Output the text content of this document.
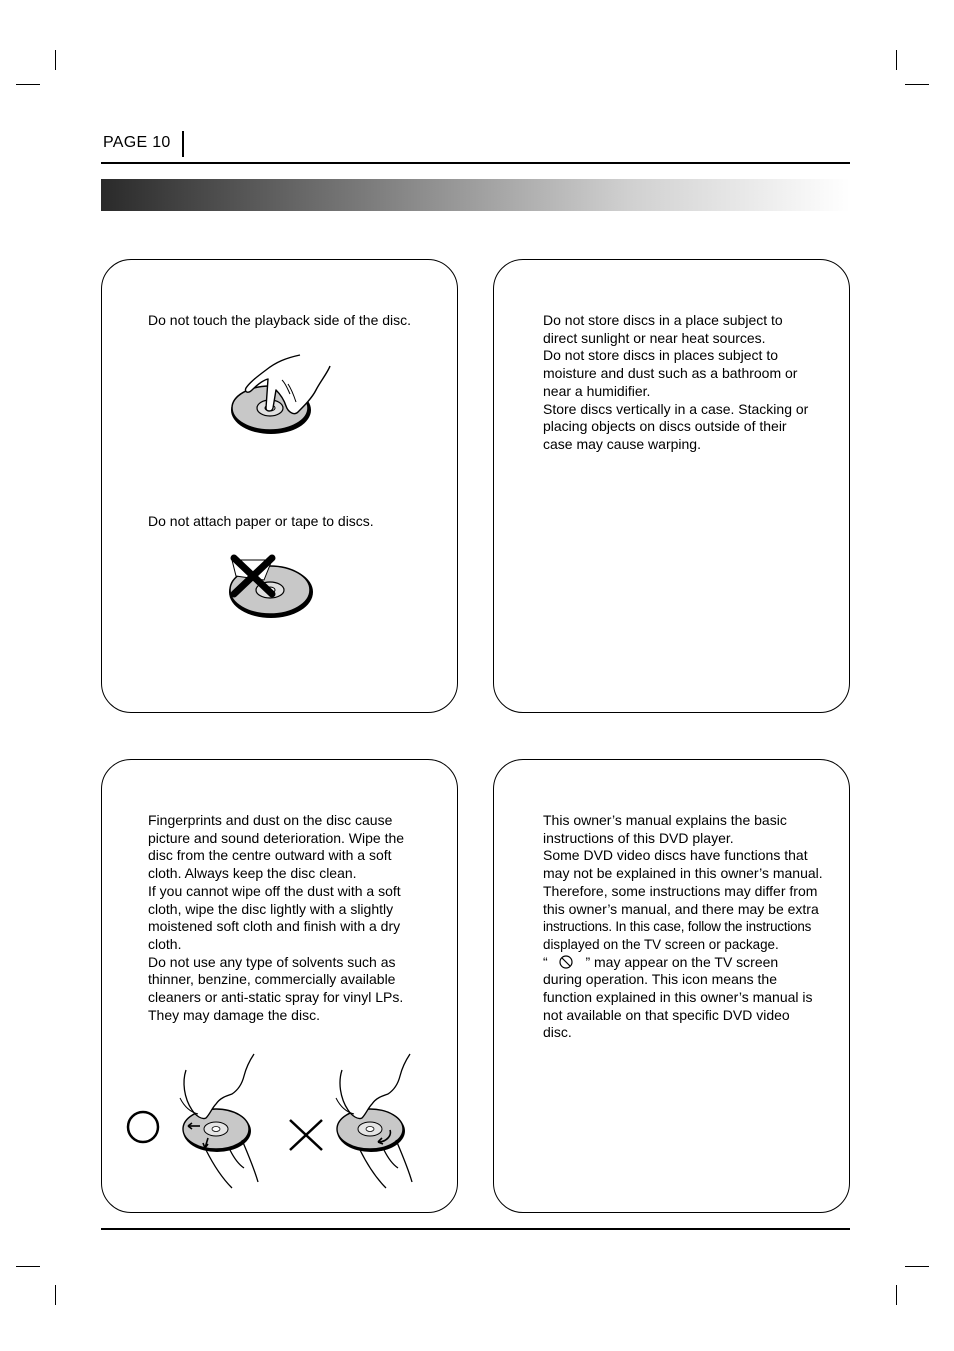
PAGE 10
Do not touch the playback side of the disc.
Do not attach paper or tape to discs.

Do not store discs in a place subject to

direct sunlight or near heat sources.

Do not store discs in places subject to

moisture and dust such as a bathroom or

near a humidifier.

Store discs vertically in a case. Stacking or

placing objects on discs outside of their

case may cause warping.

Fingerprints and dust on the disc cause

picture and sound deterioration. Wipe the

disc from the centre outward with a soft

cloth. Always keep the disc clean.

If you cannot wipe off the dust with a soft

cloth, wipe the disc lightly with a slightly

moistened soft cloth and finish with a dry

cloth.

Do not use any type of solvents such as

thinner, benzine, commercially available

cleaners or anti-static spray for vinyl LPs.

They may damage the disc.

This owner’s manual explains the basic

instructions of this DVD player.

Some DVD video discs have functions that

may not be explained in this owner’s manual.

Therefore, some instructions may differ from

this owner’s manual, and there may be extra

instructions. In this case, follow the instructions

displayed on the TV screen or package.

“	” may appear on the TV screen

during operation. This icon means the

function explained in this owner’s manual is

not available on that specific DVD video

disc.
